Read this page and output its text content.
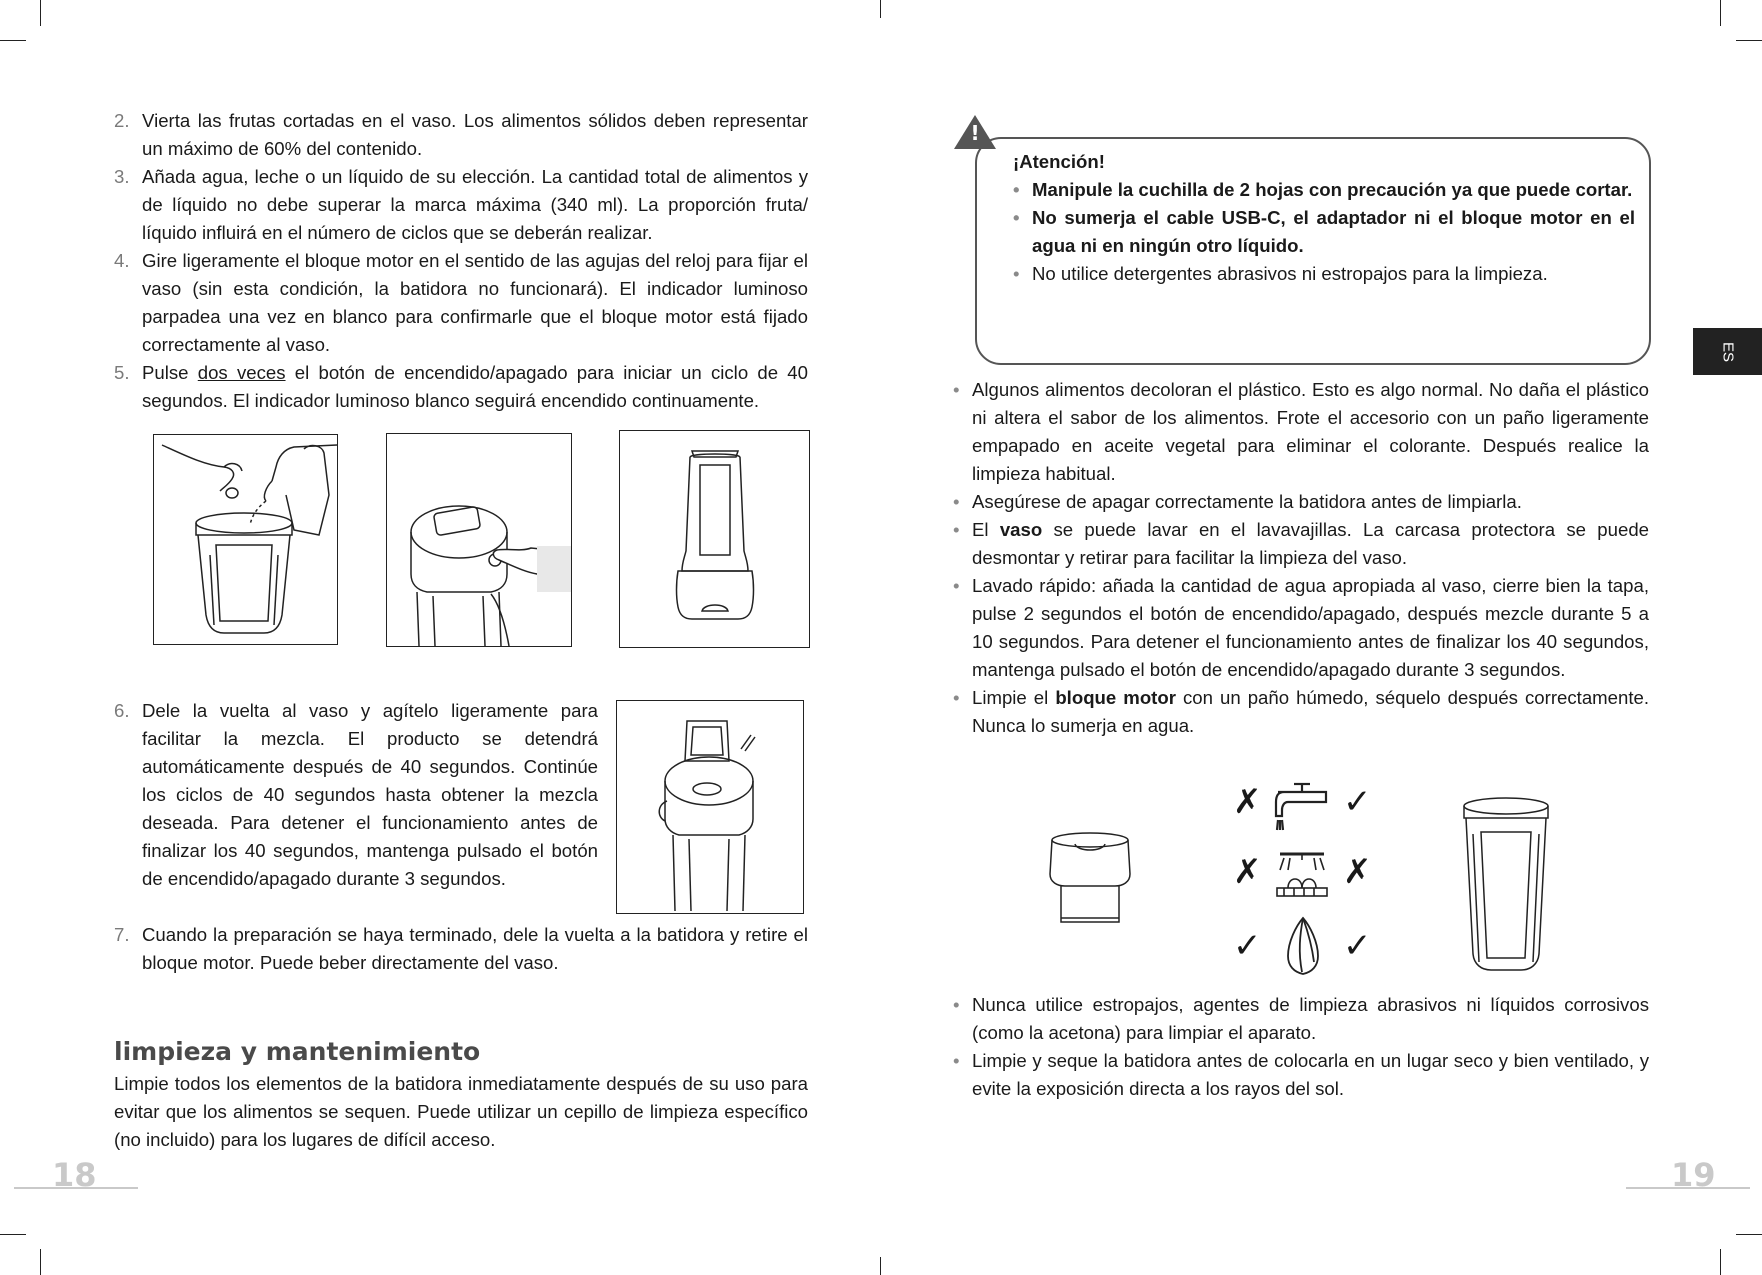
2. Vierta las frutas cortadas en el vaso. Los alimentos sólidos deben representar un máximo de 60% del contenido.
3. Añada agua, leche o un líquido de su elección. La cantidad total de alimentos y de líquido no debe superar la marca máxima (340 ml). La proporción fruta/ líquido influirá en el número de ciclos que se deberán realizar.
4. Gire ligeramente el bloque motor en el sentido de las agujas del reloj para fijar el vaso (sin esta condición, la batidora no funcionará). El indicador luminoso parpadea una vez en blanco para confirmarle que el bloque motor está fijado correctamente al vaso.
5. Pulse dos veces el botón de encendido/apagado para iniciar un ciclo de 40 segundos. El indicador luminoso blanco seguirá encendido continuamente.
6. Dele la vuelta al vaso y agítelo ligeramente para facilitar la mezcla. El producto se detendrá automáticamente después de 40 segundos. Continúe los ciclos de 40 segundos hasta obtener la mezcla deseada. Para detener el funcionamiento antes de finalizar los 40 segundos, mantenga pulsado el botón de encendido/apagado durante 3 segundos.
7. Cuando la preparación se haya terminado, dele la vuelta a la batidora y retire el bloque motor. Puede beber directamente del vaso.
limpieza y mantenimiento

Limpie todos los elementos de la batidora inmediatamente después de su uso para evitar que los alimentos se sequen. Puede utilizar un cepillo de limpieza específico (no incluido) para los lugares de difícil acceso.

18
!
¡Atención!
• Manipule la cuchilla de 2 hojas con precaución ya que puede cortar.
• No sumerja el cable USB-C, el adaptador ni el bloque motor en el agua ni en ningún otro líquido.
• No utilice detergentes abrasivos ni estropajos para la limpieza.
ES
• Algunos alimentos decoloran el plástico. Esto es algo normal. No daña el plástico ni altera el sabor de los alimentos. Frote el accesorio con un paño ligeramente empapado en aceite vegetal para eliminar el colorante. Después realice la limpieza habitual.
• Asegúrese de apagar correctamente la batidora antes de limpiarla.
• El vaso se puede lavar en el lavavajillas. La carcasa protectora se puede desmontar y retirar para facilitar la limpieza del vaso.
• Lavado rápido: añada la cantidad de agua apropiada al vaso, cierre bien la tapa, pulse 2 segundos el botón de encendido/apagado, después mezcle durante 5 a 10 segundos. Para detener el funcionamiento antes de finalizar los 40 segundos, mantenga pulsado el botón de encendido/apagado durante 3 segundos.
• Limpie el bloque motor con un paño húmedo, séquelo después correctamente. Nunca lo sumerja en agua.
✗
✗
✓
✓
✗
✓
• Nunca utilice estropajos, agentes de limpieza abrasivos ni líquidos corrosivos (como la acetona) para limpiar el aparato.
• Limpie y seque la batidora antes de colocarla en un lugar seco y bien ventilado, y evite la exposición directa a los rayos del sol.
19
